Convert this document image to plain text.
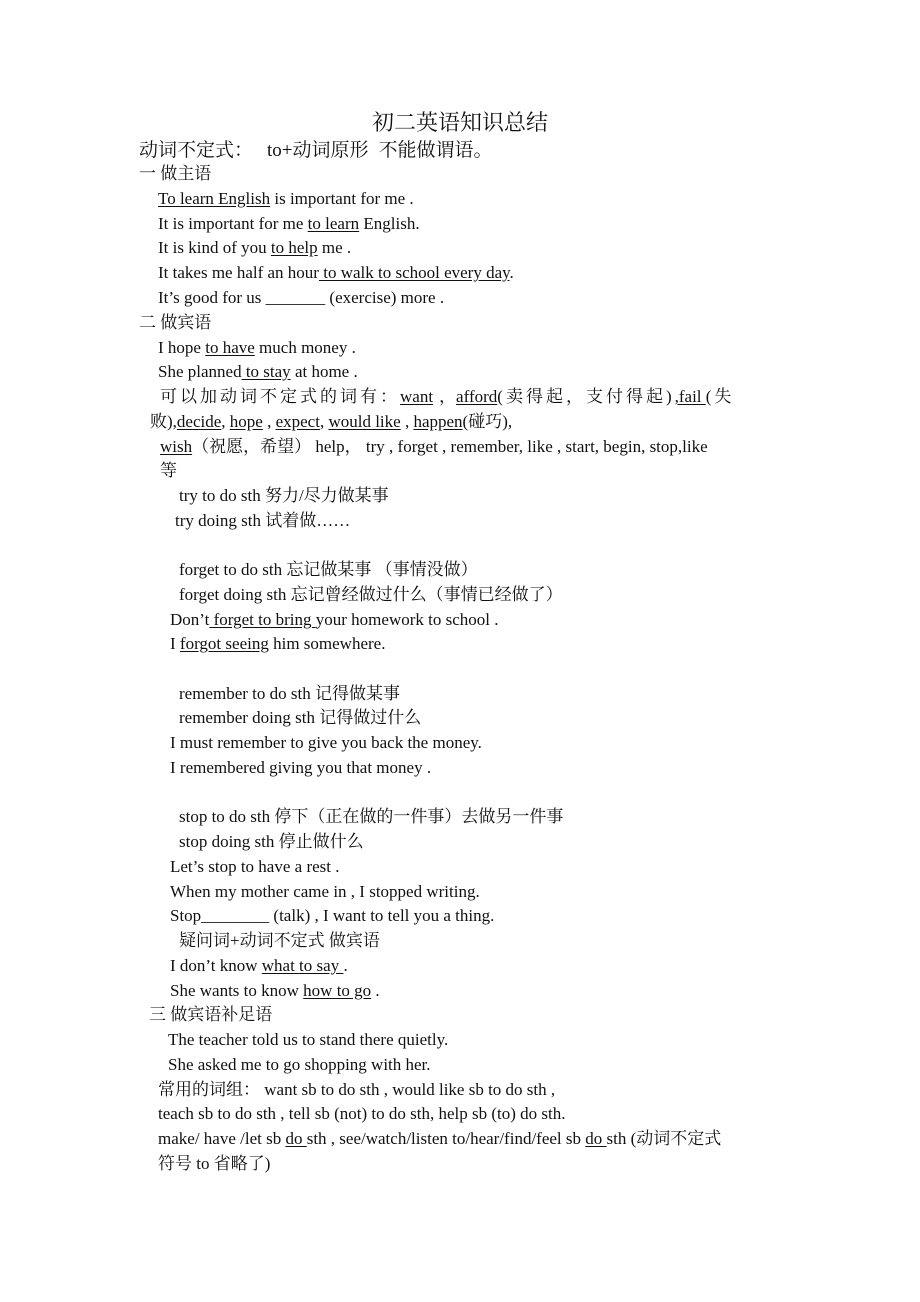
初二英语知识总结
动词不定式： to+动词原形 不能做谓语。
一 做主语
To learn English is important for me .
It is important for me to learn English.
It is kind of you to help me .
It takes me half an hour to walk to school every day.
It’s good for us _______ (exercise) more .
二 做宾语
I hope to have much money .
She planned to stay at home .
可以加动词不定式的词有：want ，afford(卖得起，支付得起),fail (失
败),decide, hope , expect, would like , happen(碰巧),
wish（祝愿，希望） help， try , forget , remember, like , start, begin, stop,like
等
try to do sth 努力/尽力做某事
try doing sth 试着做……
forget to do sth 忘记做某事 （事情没做）
forget doing sth 忘记曾经做过什么（事情已经做了）
Don’t forget to bring your homework to school .
I forgot seeing him somewhere.
remember to do sth 记得做某事
remember doing sth 记得做过什么
I must remember to give you back the money.
I remembered giving you that money .
stop to do sth 停下（正在做的一件事）去做另一件事
stop doing sth 停止做什么
Let’s stop to have a rest .
When my mother came in , I stopped writing.
Stop________ (talk) , I want to tell you a thing.
疑问词+动词不定式 做宾语
I don’t know what to say .
She wants to know how to go .
三 做宾语补足语
The teacher told us to stand there quietly.
She asked me to go shopping with her.
常用的词组： want sb to do sth , would like sb to do sth ,
teach sb to do sth , tell sb (not) to do sth, help sb (to) do sth.
make/ have /let sb do sth , see/watch/listen to/hear/find/feel sb do sth (动词不定式
符号 to 省略了)
